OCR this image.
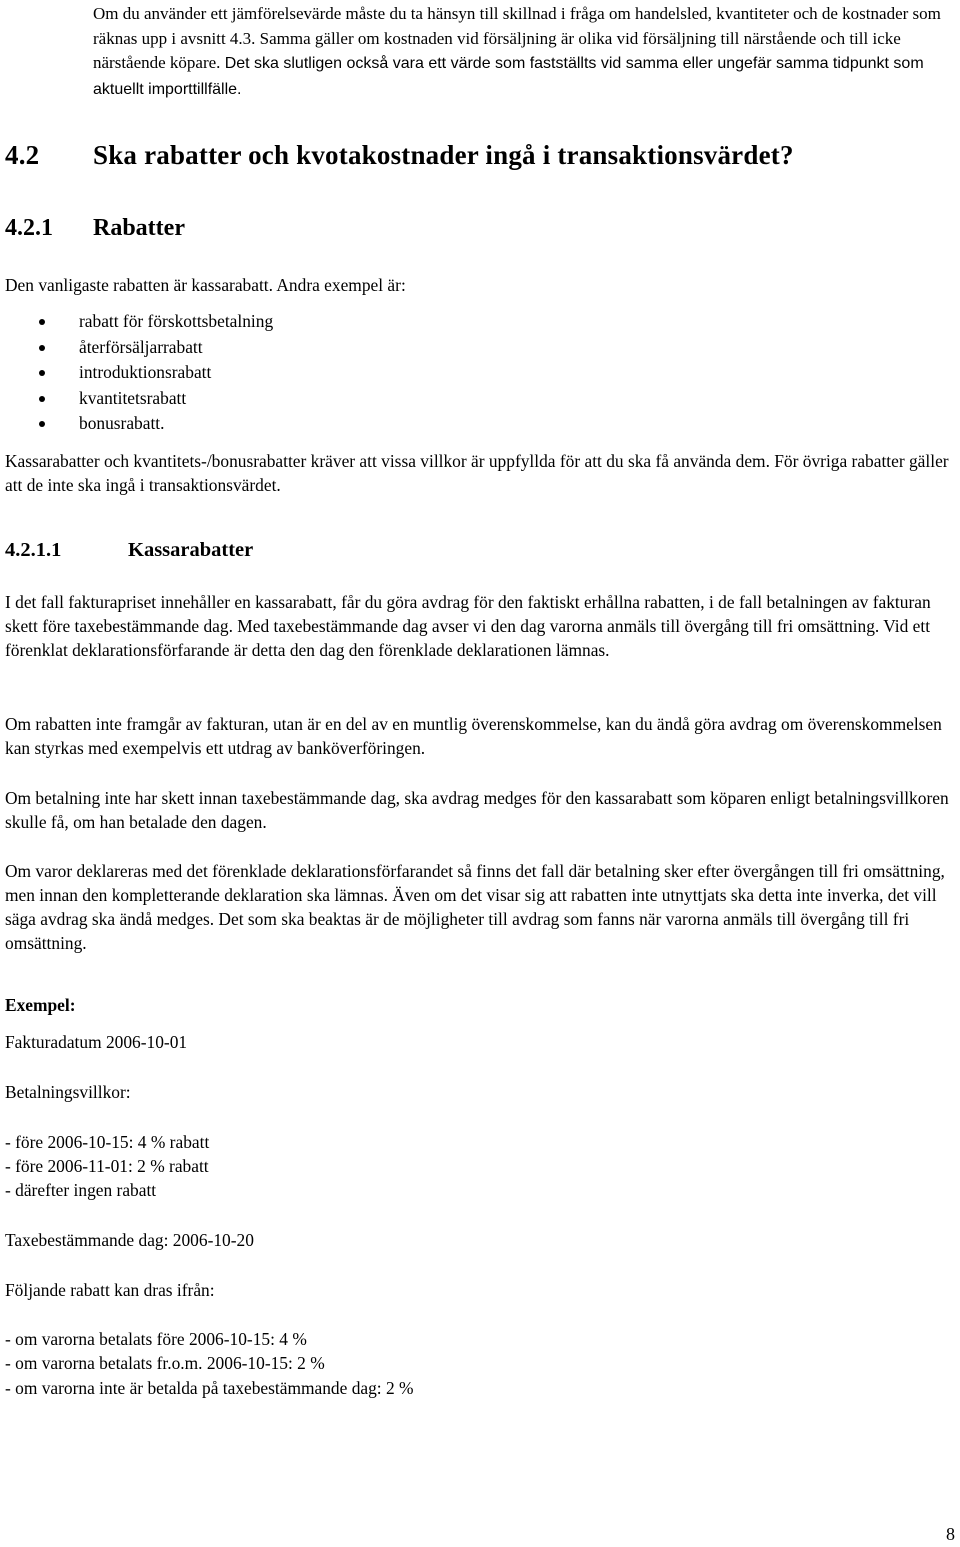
Om du använder ett jämförelsevärde måste du ta hänsyn till skillnad i fråga om handelsled, kvantiteter och de kostnader som räknas upp i avsnitt 4.3. Samma gäller om kostnaden vid försäljning är olika vid försäljning till närstående och till icke närstående köpare. Det ska slutligen också vara ett värde som fastställts vid samma eller ungefär samma tidpunkt som aktuellt importtillfälle.

4.2 Ska rabatter och kvotakostnader ingå i transaktionsvärdet?
4.2.1 Rabatter

Den vanligaste rabatten är kassarabatt. Andra exempel är:

rabatt för förskottsbetalning
återförsäljarrabatt
introduktionsrabatt
kvantitetsrabatt
bonusrabatt.

Kassarabatter och kvantitets-/bonusrabatter kräver att vissa villkor är uppfyllda för att du ska få använda dem. För övriga rabatter gäller att de inte ska ingå i transaktionsvärdet.

4.2.1.1	Kassarabatter

I det fall fakturapriset innehåller en kassarabatt, får du göra avdrag för den faktiskt erhållna rabatten, i de fall betalningen av fakturan skett före taxebestämmande dag. Med taxebestämmande dag avser vi den dag varorna anmäls till övergång till fri omsättning. Vid ett förenklat deklarationsförfarande är detta den dag den förenklade deklarationen lämnas.

Om rabatten inte framgår av fakturan, utan är en del av en muntlig överenskommelse, kan du ändå göra avdrag om överenskommelsen kan styrkas med exempelvis ett utdrag av banköverföringen.

Om betalning inte har skett innan taxebestämmande dag, ska avdrag medges för den kassarabatt som köparen enligt betalningsvillkoren skulle få, om han betalade den dagen.

Om varor deklareras med det förenklade deklarationsförfarandet så finns det fall där betalning sker efter övergången till fri omsättning, men innan den kompletterande deklaration ska lämnas. Även om det visar sig att rabatten inte utnyttjats ska detta inte inverka, det vill säga avdrag ska ändå medges. Det som ska beaktas är de möjligheter till avdrag som fanns när varorna anmäls till övergång till fri omsättning.

Exempel:

Fakturadatum 2006-10-01

Betalningsvillkor:

- före 2006-10-15: 4 % rabatt

- före 2006-11-01: 2 % rabatt

- därefter ingen rabatt

Taxebestämmande dag: 2006-10-20

Följande rabatt kan dras ifrån:

- om varorna betalats före 2006-10-15: 4 %

- om varorna betalats fr.o.m. 2006-10-15: 2 %

- om varorna inte är betalda på taxebestämmande dag: 2 %

8
